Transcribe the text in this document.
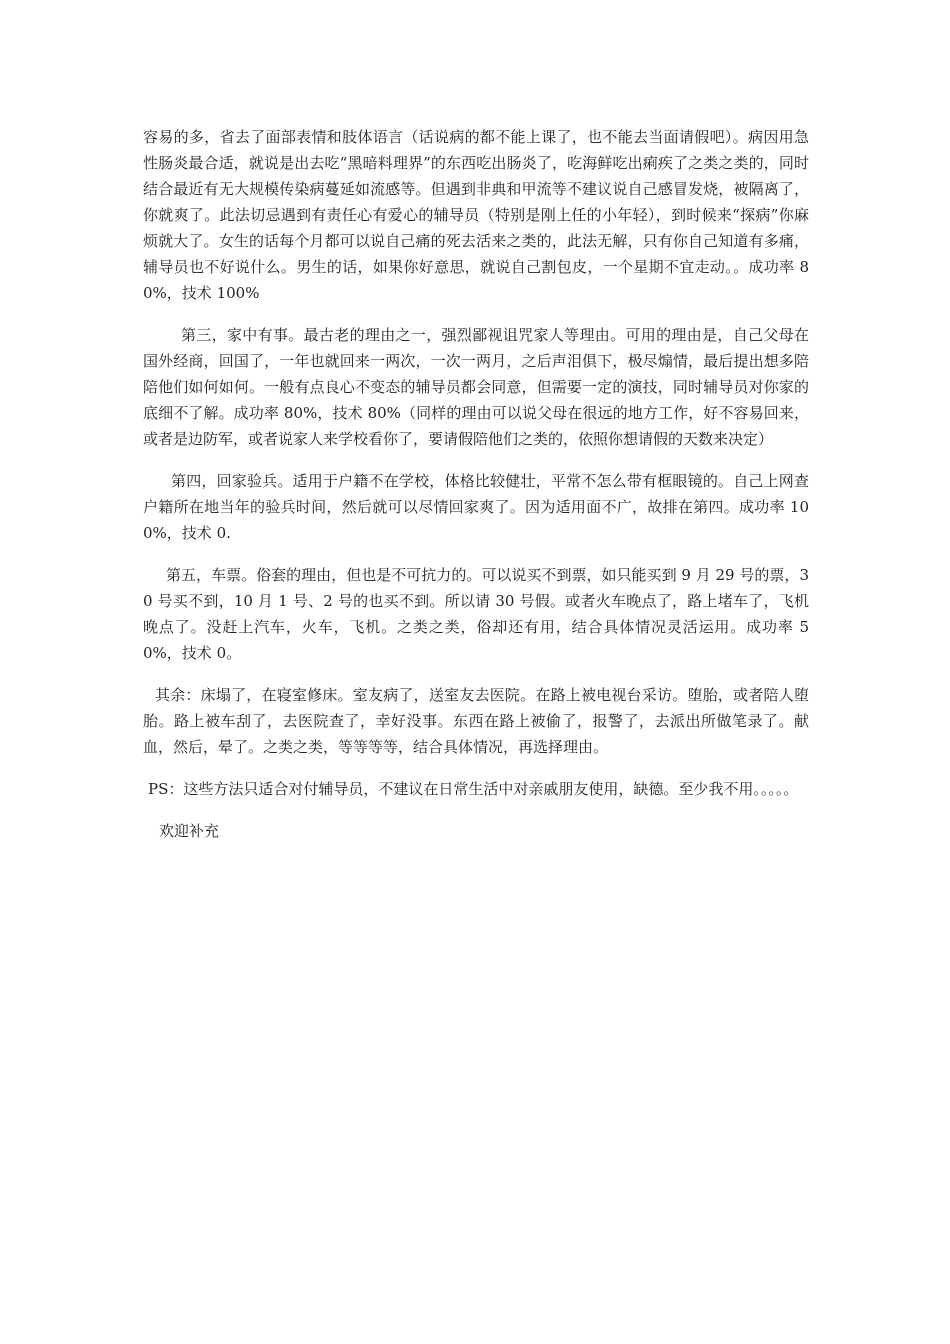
容易的多，省去了面部表情和肢体语言（话说病的都不能上课了，也不能去当面请假吧）。病因用急性肠炎最合适，就说是出去吃“黑暗料理界”的东西吃出肠炎了，吃海鲜吃出痢疾了之类之类的，同时结合最近有无大规模传染病蔓延如流感等。但遇到非典和甲流等不建议说自己感冒发烧，被隔离了，你就爽了。此法切忌遇到有责任心有爱心的辅导员（特别是刚上任的小年轻），到时候来“探病”你麻烦就大了。女生的话每个月都可以说自己痛的死去活来之类的，此法无解，只有你自己知道有多痛，辅导员也不好说什么。男生的话，如果你好意思，就说自己割包皮，一个星期不宜走动。。成功率 80%，技术 100%

第三，家中有事。最古老的理由之一，强烈鄙视诅咒家人等理由。可用的理由是，自己父母在国外经商，回国了，一年也就回来一两次，一次一两月，之后声泪俱下，极尽煽情，最后提出想多陪陪他们如何如何。一般有点良心不变态的辅导员都会同意，但需要一定的演技，同时辅导员对你家的底细不了解。成功率 80%，技术 80%（同样的理由可以说父母在很远的地方工作，好不容易回来，或者是边防军，或者说家人来学校看你了，要请假陪他们之类的，依照你想请假的天数来决定）

第四，回家验兵。适用于户籍不在学校，体格比较健壮，平常不怎么带有框眼镜的。自己上网查户籍所在地当年的验兵时间，然后就可以尽情回家爽了。因为适用面不广，故排在第四。成功率 100%，技术 0.

第五，车票。俗套的理由，但也是不可抗力的。可以说买不到票，如只能买到 9 月 29 号的票，30 号买不到，10 月 1 号、2 号的也买不到。所以请 30 号假。或者火车晚点了，路上堵车了，飞机晚点了。没赶上汽车，火车，飞机。之类之类，俗却还有用，结合具体情况灵活运用。成功率 50%，技术 0。

其余：床塌了，在寝室修床。室友病了，送室友去医院。在路上被电视台采访。堕胎，或者陪人堕胎。路上被车刮了，去医院查了，幸好没事。东西在路上被偷了，报警了，去派出所做笔录了。献血，然后，晕了。之类之类，等等等等，结合具体情况，再选择理由。

PS：这些方法只适合对付辅导员，不建议在日常生活中对亲戚朋友使用，缺德。至少我不用。。。。。

欢迎补充
